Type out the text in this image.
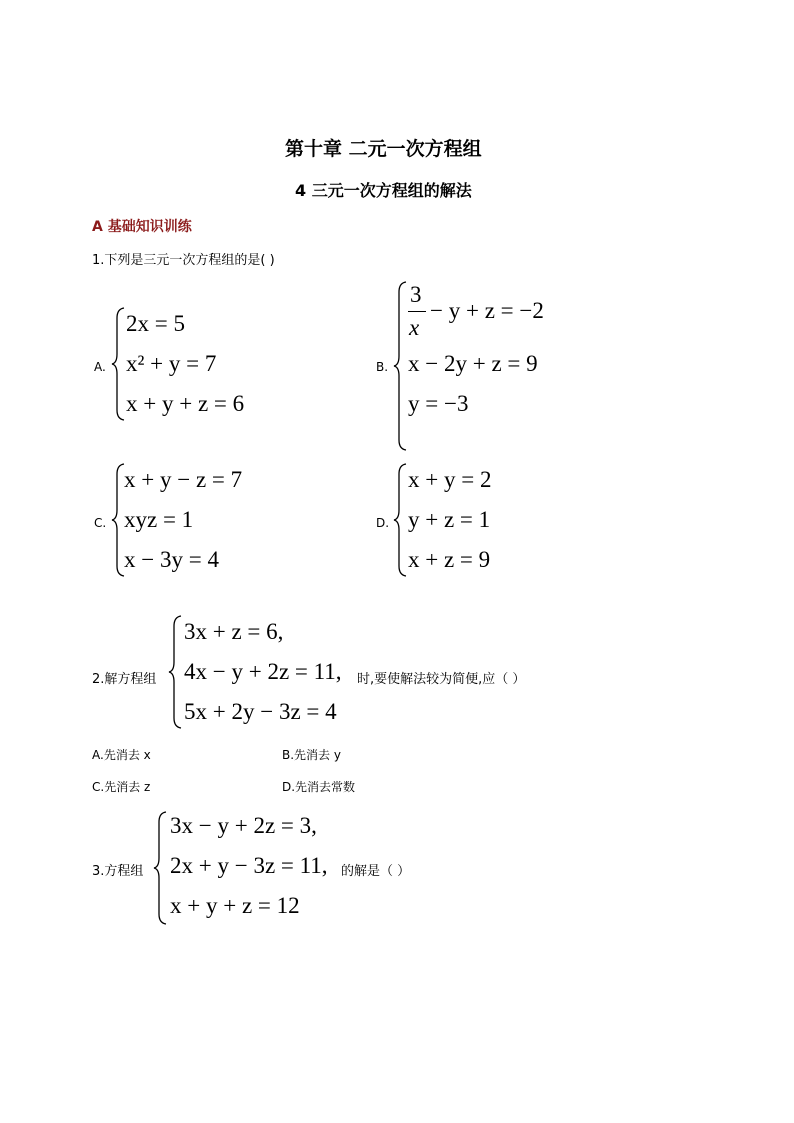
第十章 二元一次方程组
4 三元一次方程组的解法
A 基础知识训练
1.下列是三元一次方程组的是( )
A.
2x = 5
x² + y = 7
x + y + z = 6
B.
3
x
− y + z = −2
x − 2y + z = 9
y = −3
C.
x + y − z = 7
xyz = 1
x − 3y = 4
D.
x + y = 2
y + z = 1
x + z = 9
2.解方程组
3x + z = 6,
4x − y + 2z = 11,
5x + 2y − 3z = 4
时,要使解法较为简便,应（ ）
A.先消去 x	B.先消去 y
C.先消去 z	D.先消去常数
3.方程组
3x − y + 2z = 3,
2x + y − 3z = 11,
x + y + z = 12
的解是（ ）
